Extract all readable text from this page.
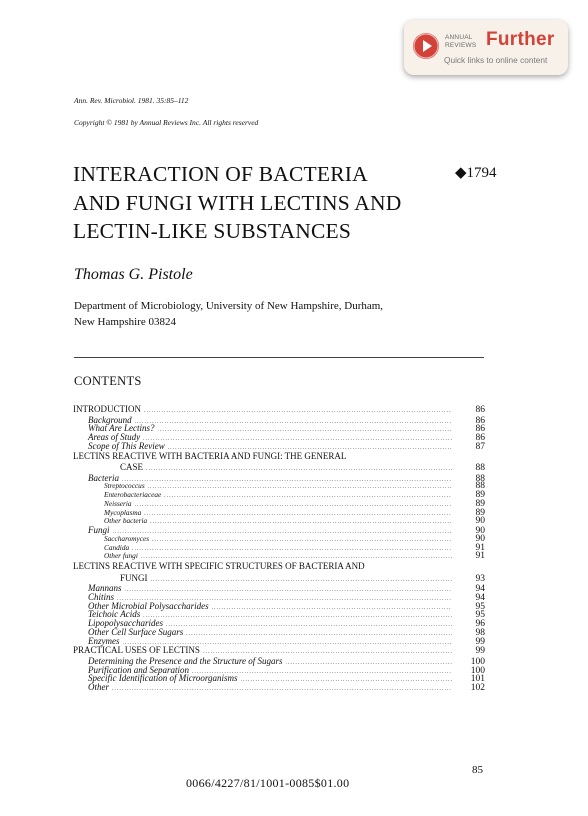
ANNUAL
REVIEWS Further
Quick links to online content

Ann. Rev. Microbiol. 1981. 35:85–112

Copyright © 1981 by Annual Reviews Inc. All rights reserved

INTERACTION OF BACTERIA
AND FUNGI WITH LECTINS AND
LECTIN-LIKE SUBSTANCES
◆1794
Thomas G. Pistole
Department of Microbiology, University of New Hampshire, Durham,
New Hampshire 03824
CONTENTS
INTRODUCTION .....	86
Background .....	86
What Are Lectins? .....	86
Areas of Study .....	86
Scope of This Review .....	87
LECTINS REACTIVE WITH BACTERIA AND FUNGI: THE GENERAL
CASE .....	88
Bacteria .....	88
Streptococcus .....	88
Enterobacteriaceae .....	89
Neisseria .....	89
Mycoplasma .....	89
Other bacteria .....	90
Fungi .....	90
Saccharomyces .....	90
Candida .....	91
Other fungi .....	91
LECTINS REACTIVE WITH SPECIFIC STRUCTURES OF BACTERIA AND
FUNGI .....	93
Mannans .....	94
Chitins .....	94
Other Microbial Polysaccharides .....	95
Teichoic Acids .....	95
Lipopolysaccharides .....	96
Other Cell Surface Sugars .....	98
Enzymes .....	99
PRACTICAL USES OF LECTINS .....	99
Determining the Presence and the Structure of Sugars .....	100
Purification and Separation .....	100
Specific Identification of Microorganisms .....	101
Other .....	102
85
0066/4227/81/1001-0085$01.00
